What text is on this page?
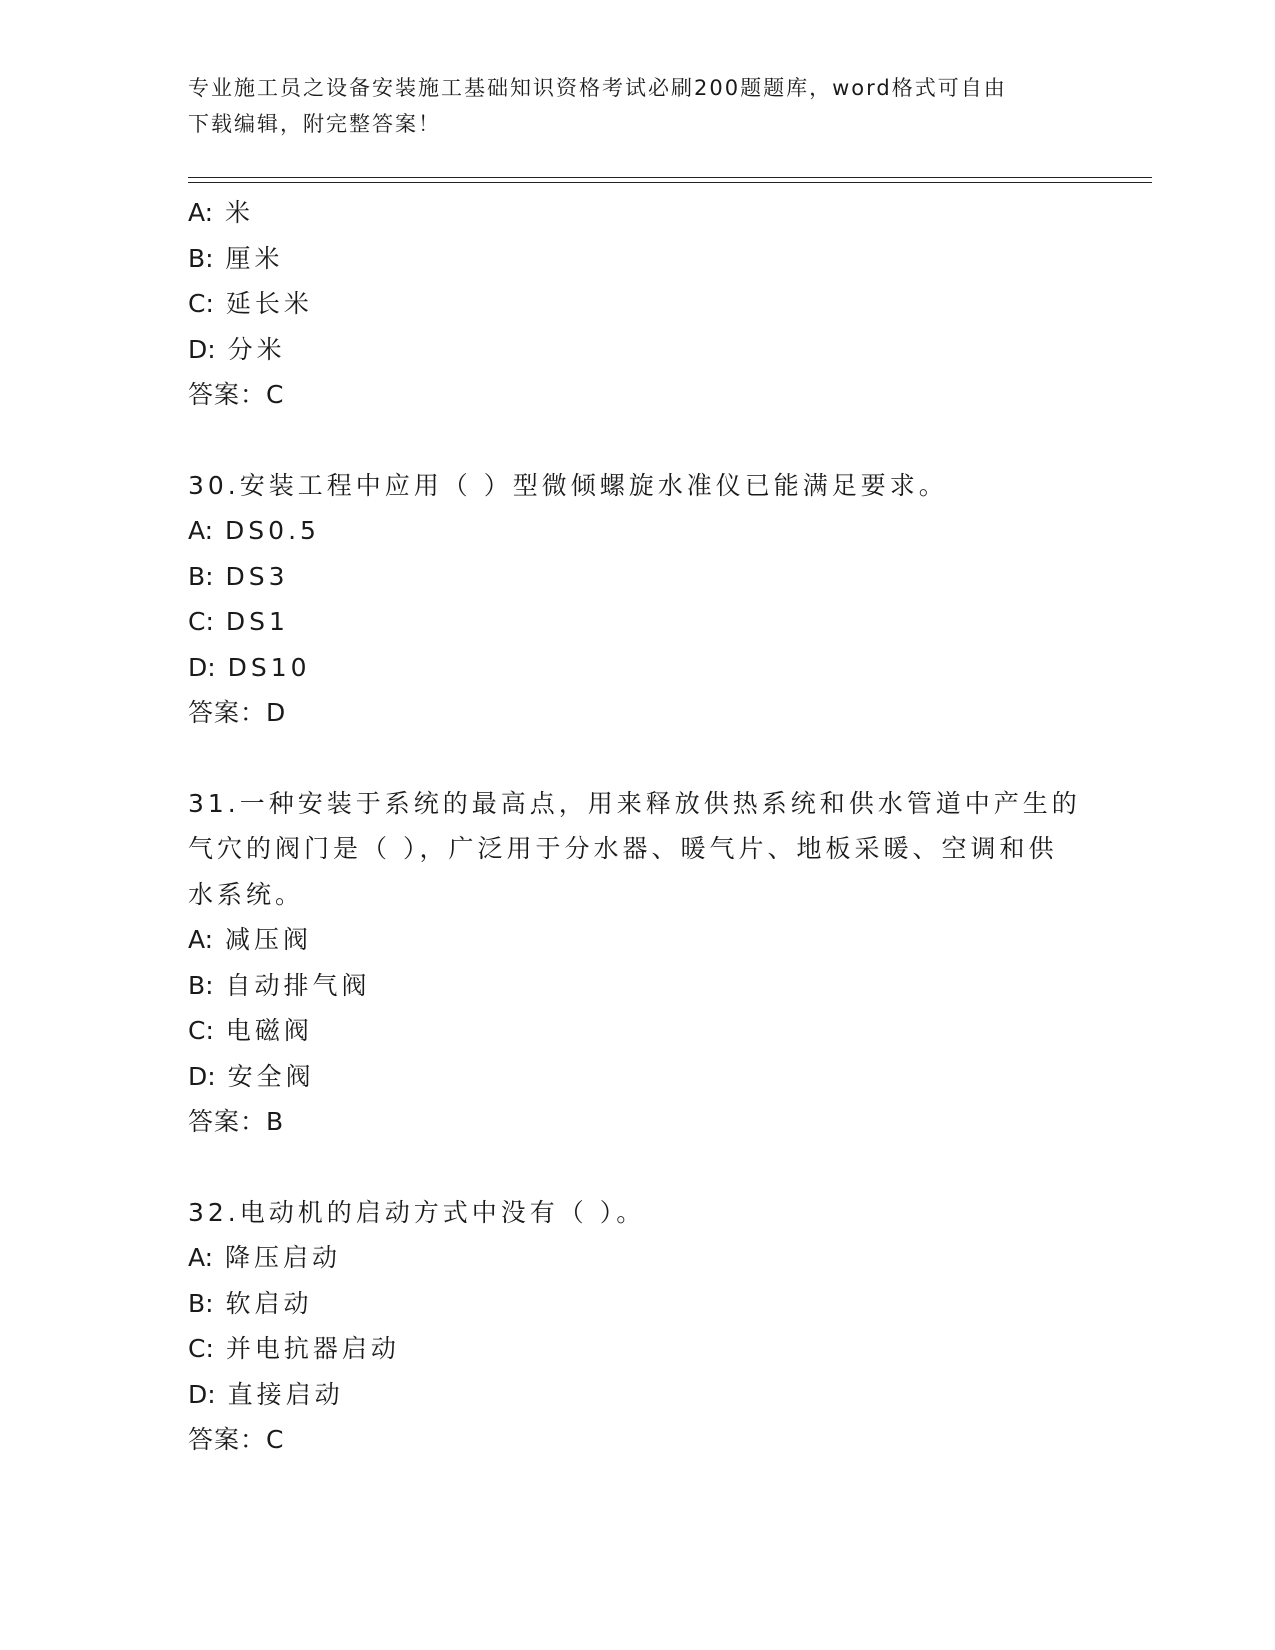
专业施工员之设备安装施工基础知识资格考试必刷200题题库，word格式可自由
下载编辑，附完整答案！
A: 米
B: 厘米
C: 延长米
D: 分米
答案：C
30.安装工程中应用（ ）型微倾螺旋水准仪已能满足要求。
A: DS0.5
B: DS3
C: DS1
D: DS10
答案：D
31.一种安装于系统的最高点，用来释放供热系统和供水管道中产生的
气穴的阀门是（ ），广泛用于分水器、暖气片、地板采暖、空调和供
水系统。
A: 减压阀
B: 自动排气阀
C: 电磁阀
D: 安全阀
答案：B
32.电动机的启动方式中没有（ ）。
A: 降压启动
B: 软启动
C: 并电抗器启动
D: 直接启动
答案：C
